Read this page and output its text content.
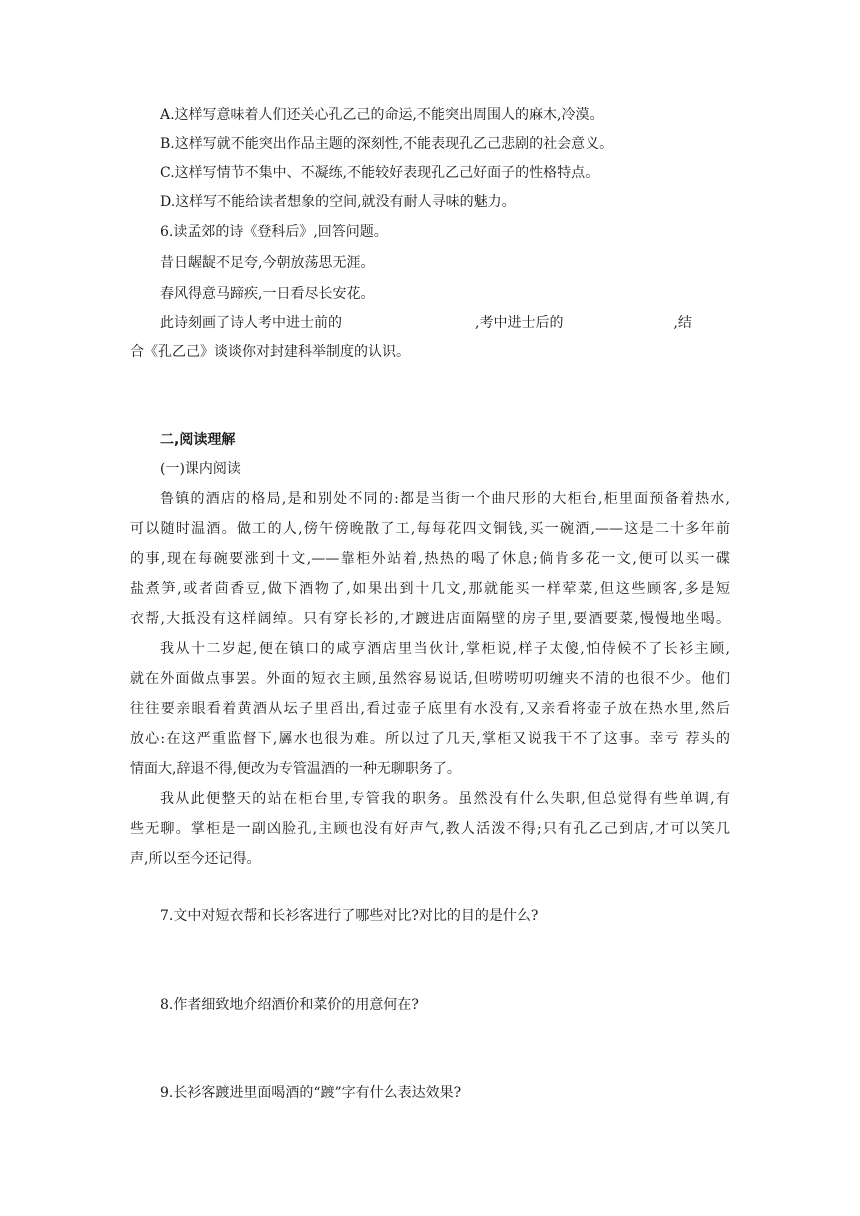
A.这样写意味着人们还关心孔乙己的命运,不能突出周围人的麻木,冷漠。
B.这样写就不能突出作品主题的深刻性,不能表现孔乙己悲剧的社会意义。
C.这样写情节不集中、不凝练,不能较好表现孔乙己好面子的性格特点。
D.这样写不能给读者想象的空间,就没有耐人寻味的魅力。
6.读孟郊的诗《登科后》,回答问题。
昔日龌龊不足夸,今朝放荡思无涯。
春风得意马蹄疾,一日看尽长安花。
此诗刻画了诗人考中进士前的	,考中进士后的	,结
合《孔乙己》谈谈你对封建科举制度的认识。
二,阅读理解
(一)课内阅读
鲁镇的酒店的格局,是和别处不同的:都是当街一个曲尺形的大柜台,柜里面预备着热水,
可以随时温酒。做工的人,傍午傍晚散了工,每每花四文铜钱,买一碗酒,——这是二十多年前
的事,现在每碗要涨到十文,——靠柜外站着,热热的喝了休息;倘肯多花一文,便可以买一碟
盐煮笋,或者茴香豆,做下酒物了,如果出到十几文,那就能买一样荤菜,但这些顾客,多是短
衣帮,大抵没有这样阔绰。只有穿长衫的,才踱进店面隔壁的房子里,要酒要菜,慢慢地坐喝。
我从十二岁起,便在镇口的咸亨酒店里当伙计,掌柜说,样子太傻,怕侍候不了长衫主顾,
就在外面做点事罢。外面的短衣主顾,虽然容易说话,但唠唠叨叨缠夹不清的也很不少。他们
往往要亲眼看着黄酒从坛子里舀出,看过壶子底里有水没有,又亲看将壶子放在热水里,然后
放心:在这严重监督下,羼水也很为难。所以过了几天,掌柜又说我干不了这事。幸亏 荐头的
情面大,辞退不得,便改为专管温酒的一种无聊职务了。
我从此便整天的站在柜台里,专管我的职务。虽然没有什么失职,但总觉得有些单调,有
些无聊。掌柜是一副凶脸孔,主顾也没有好声气,教人活泼不得;只有孔乙己到店,才可以笑几
声,所以至今还记得。
7.文中对短衣帮和长衫客进行了哪些对比?对比的目的是什么?
8.作者细致地介绍酒价和菜价的用意何在?
9.长衫客踱进里面喝酒的“踱”字有什么表达效果?
